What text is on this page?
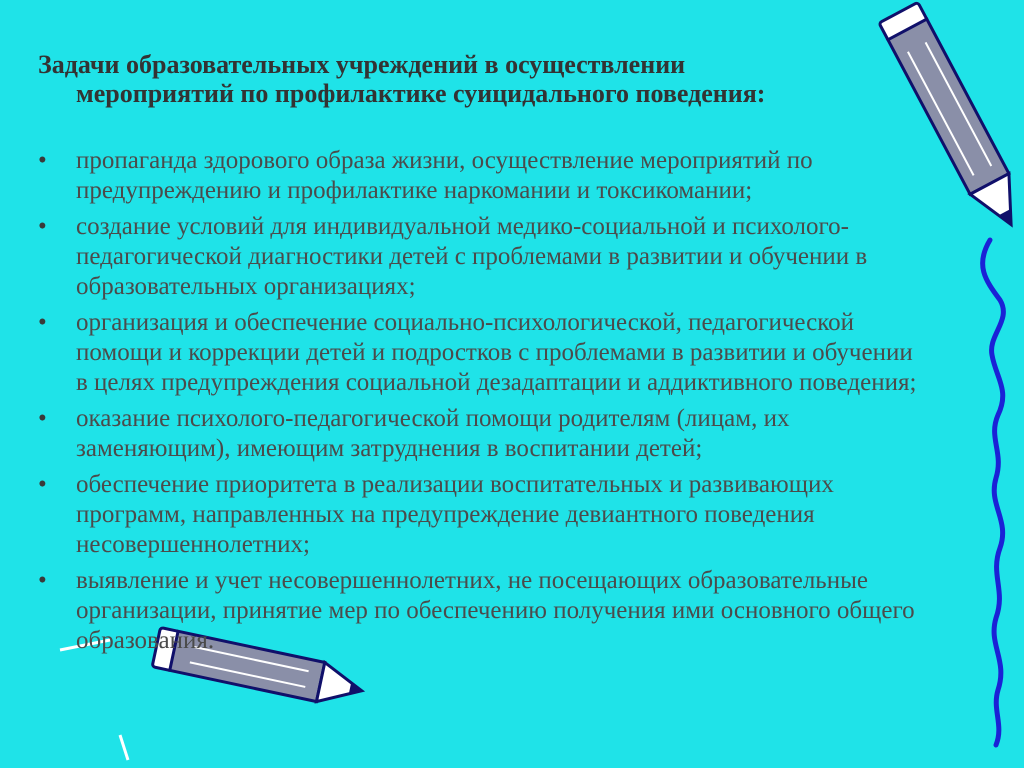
Задачи образовательных учреждений в осуществлении
мероприятий по профилактике суицидального поведения:
• пропаганда здорового образа жизни, осуществление мероприятий по предупреждению и профилактике наркомании и токсикомании;
• создание условий для индивидуальной медико-социальной и психолого-педагогической диагностики детей с проблемами в развитии и обучении в образовательных организациях;
• организация и обеспечение социально-психологической, педагогической помощи и коррекции детей и подростков с проблемами в развитии и обучении в целях предупреждения социальной дезадаптации и аддиктивного поведения;
• оказание психолого-педагогической помощи родителям (лицам, их заменяющим), имеющим затруднения в воспитании детей;
• обеспечение приоритета в реализации воспитательных и развивающих программ, направленных на предупреждение девиантного поведения несовершеннолетних;
• выявление и учет несовершеннолетних, не посещающих образовательные организации, принятие мер по обеспечению получения ими основного общего образования.
